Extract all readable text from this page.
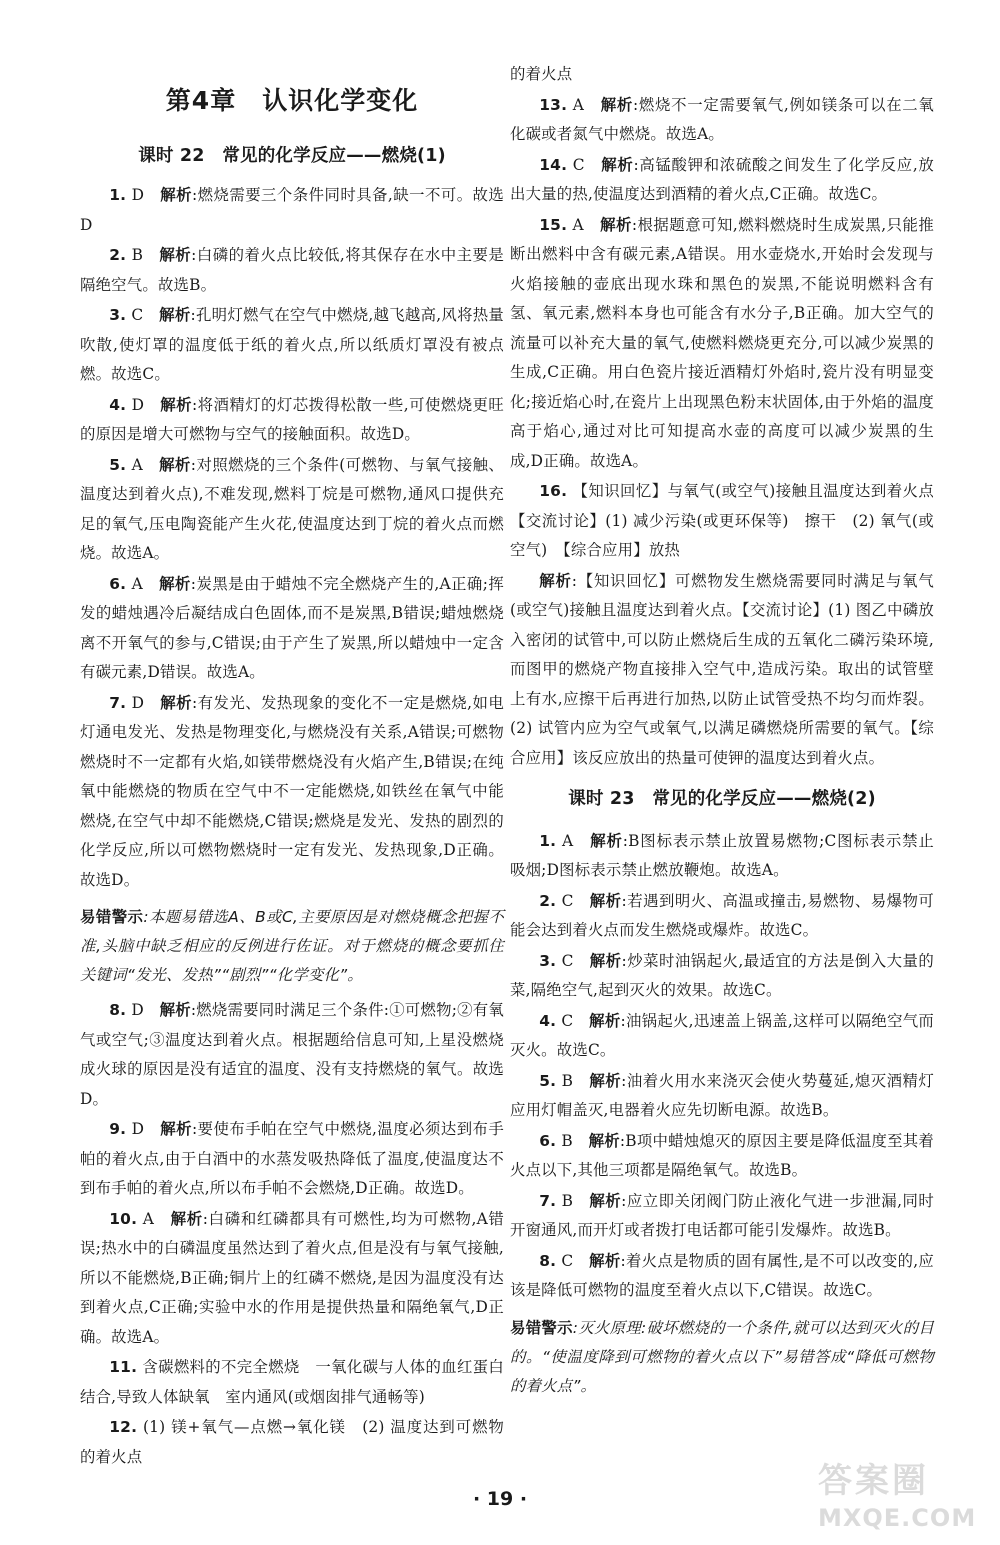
第4章　认识化学变化
课时 22　常见的化学反应——燃烧(1)
1. D　 解析:燃烧需要三个条件同时具备,缺一不可。故选D
2. B　 解析:白磷的着火点比较低,将其保存在水中主要是隔绝空气。故选B。
3. C　 解析:孔明灯燃气在空气中燃烧,越飞越高,风将热量吹散,使灯罩的温度低于纸的着火点,所以纸质灯罩没有被点燃。故选C。
4. D　 解析:将酒精灯的灯芯拨得松散一些,可使燃烧更旺的原因是增大可燃物与空气的接触面积。故选D。
5. A　 解析:对照燃烧的三个条件(可燃物、与氧气接触、温度达到着火点),不难发现,燃料丁烷是可燃物,通风口提供充足的氧气,压电陶瓷能产生火花,使温度达到丁烷的着火点而燃烧。故选A。
6. A　 解析:炭黑是由于蜡烛不完全燃烧产生的,A正确;挥发的蜡烛遇冷后凝结成白色固体,而不是炭黑,B错误;蜡烛燃烧离不开氧气的参与,C错误;由于产生了炭黑,所以蜡烛中一定含有碳元素,D错误。故选A。
7. D　 解析:有发光、发热现象的变化不一定是燃烧,如电灯通电发光、发热是物理变化,与燃烧没有关系,A错误;可燃物燃烧时不一定都有火焰,如镁带燃烧没有火焰产生,B错误;在纯氧中能燃烧的物质在空气中不一定能燃烧,如铁丝在氧气中能燃烧,在空气中却不能燃烧,C错误;燃烧是发光、发热的剧烈的化学反应,所以可燃物燃烧时一定有发光、发热现象,D正确。故选D。
易错警示:本题易错选A、B或C,主要原因是对燃烧概念把握不准,头脑中缺乏相应的反例进行佐证。对于燃烧的概念要抓住关键词“发光、发热”“剧烈”“化学变化”。
8. D　 解析:燃烧需要同时满足三个条件:①可燃物;②有氧气或空气;③温度达到着火点。根据题给信息可知,上星没燃烧成火球的原因是没有适宜的温度、没有支持燃烧的氧气。故选D。
9. D　 解析:要使布手帕在空气中燃烧,温度必须达到布手帕的着火点,由于白酒中的水蒸发吸热降低了温度,使温度达不到布手帕的着火点,所以布手帕不会燃烧,D正确。故选D。
10. A　 解析:白磷和红磷都具有可燃性,均为可燃物,A错误;热水中的白磷温度虽然达到了着火点,但是没有与氧气接触,所以不能燃烧,B正确;铜片上的红磷不燃烧,是因为温度没有达到着火点,C正确;实验中水的作用是提供热量和隔绝氧气,D正确。故选A。
11. 含碳燃料的不完全燃烧　一氧化碳与人体的血红蛋白结合,导致人体缺氧　室内通风(或烟囱排气通畅等)
12. (1) 镁+氧气—点燃→氧化镁　(2) 温度达到可燃物的着火点
的着火点
13. A　 解析:燃烧不一定需要氧气,例如镁条可以在二氧化碳或者氮气中燃烧。故选A。
14. C　 解析:高锰酸钾和浓硫酸之间发生了化学反应,放出大量的热,使温度达到酒精的着火点,C正确。故选C。
15. A　 解析:根据题意可知,燃料燃烧时生成炭黑,只能推断出燃料中含有碳元素,A错误。用水壶烧水,开始时会发现与火焰接触的壶底出现水珠和黑色的炭黑,不能说明燃料含有氢、氧元素,燃料本身也可能含有水分子,B正确。加大空气的流量可以补充大量的氧气,使燃料燃烧更充分,可以减少炭黑的生成,C正确。用白色瓷片接近酒精灯外焰时,瓷片没有明显变化;接近焰心时,在瓷片上出现黑色粉末状固体,由于外焰的温度高于焰心,通过对比可知提高水壶的高度可以减少炭黑的生成,D正确。故选A。
16. 【知识回忆】与氧气(或空气)接触且温度达到着火点　【交流讨论】(1) 减少污染(或更环保等)　擦干　(2) 氧气(或空气)　【综合应用】放热
解析:【知识回忆】可燃物发生燃烧需要同时满足与氧气(或空气)接触且温度达到着火点。【交流讨论】(1) 图乙中磷放入密闭的试管中,可以防止燃烧后生成的五氧化二磷污染环境,而图甲的燃烧产物直接排入空气中,造成污染。取出的试管壁上有水,应擦干后再进行加热,以防止试管受热不均匀而炸裂。(2) 试管内应为空气或氧气,以满足磷燃烧所需要的氧气。【综合应用】该反应放出的热量可使钾的温度达到着火点。
课时 23　常见的化学反应——燃烧(2)
1. A　 解析:B图标表示禁止放置易燃物;C图标表示禁止吸烟;D图标表示禁止燃放鞭炮。故选A。
2. C　 解析:若遇到明火、高温或撞击,易燃物、易爆物可能会达到着火点而发生燃烧或爆炸。故选C。
3. C　 解析:炒菜时油锅起火,最适宜的方法是倒入大量的菜,隔绝空气,起到灭火的效果。故选C。
4. C　 解析:油锅起火,迅速盖上锅盖,这样可以隔绝空气而灭火。故选C。
5. B　 解析:油着火用水来浇灭会使火势蔓延,熄灭酒精灯应用灯帽盖灭,电器着火应先切断电源。故选B。
6. B　 解析:B项中蜡烛熄灭的原因主要是降低温度至其着火点以下,其他三项都是隔绝氧气。故选B。
7. B　 解析:应立即关闭阀门防止液化气进一步泄漏,同时开窗通风,而开灯或者拨打电话都可能引发爆炸。故选B。
8. C　 解析:着火点是物质的固有属性,是不可以改变的,应该是降低可燃物的温度至着火点以下,C错误。故选C。
易错警示:灭火原理:破坏燃烧的一个条件,就可以达到灭火的目的。“使温度降到可燃物的着火点以下”易错答成“降低可燃物的着火点”。
· 19 ·	答案圈
MXQE.COM
